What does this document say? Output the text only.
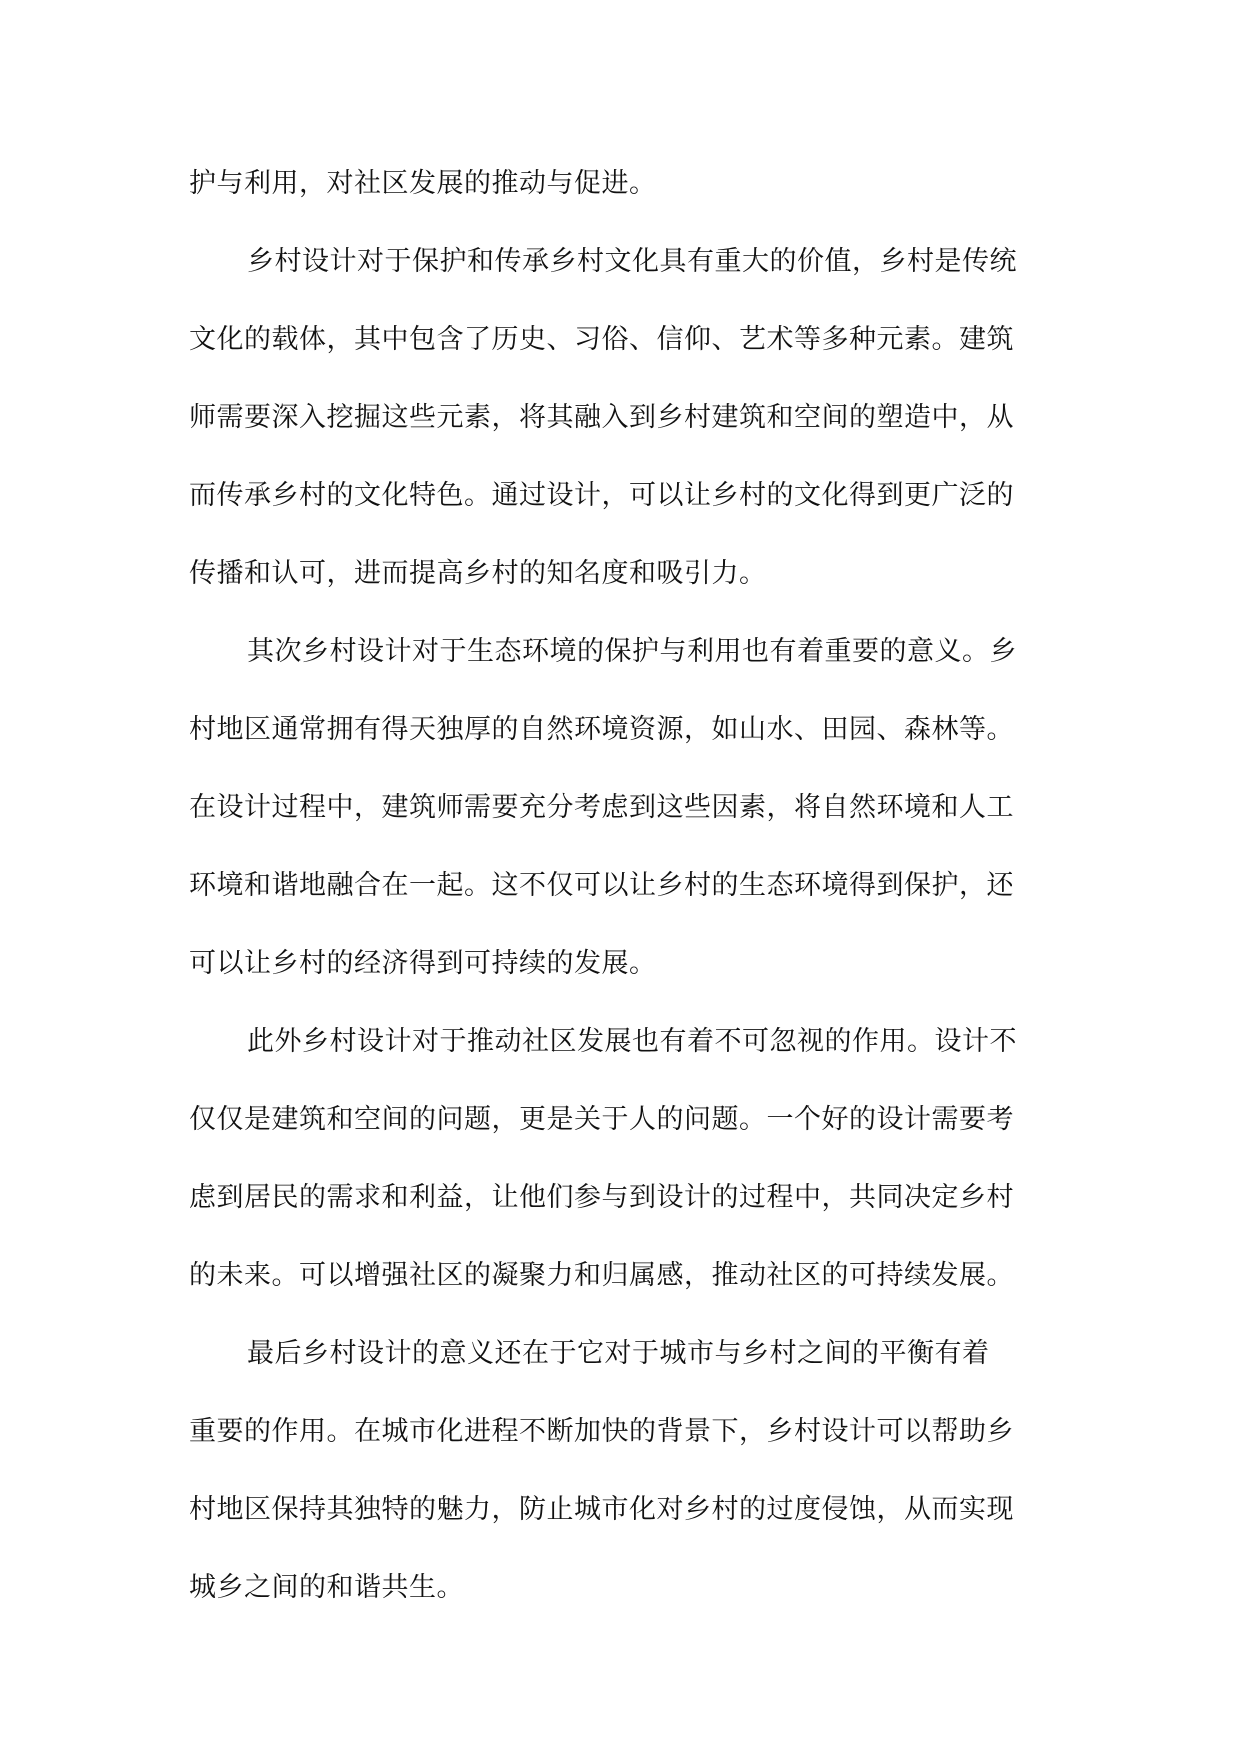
护与利用，对社区发展的推动与促进。
乡村设计对于保护和传承乡村文化具有重大的价值，乡村是传统
文化的载体，其中包含了历史、习俗、信仰、艺术等多种元素。建筑
师需要深入挖掘这些元素，将其融入到乡村建筑和空间的塑造中，从
而传承乡村的文化特色。通过设计，可以让乡村的文化得到更广泛的
传播和认可，进而提高乡村的知名度和吸引力。
其次乡村设计对于生态环境的保护与利用也有着重要的意义。乡
村地区通常拥有得天独厚的自然环境资源，如山水、田园、森林等。
在设计过程中，建筑师需要充分考虑到这些因素，将自然环境和人工
环境和谐地融合在一起。这不仅可以让乡村的生态环境得到保护，还
可以让乡村的经济得到可持续的发展。
此外乡村设计对于推动社区发展也有着不可忽视的作用。设计不
仅仅是建筑和空间的问题，更是关于人的问题。一个好的设计需要考
虑到居民的需求和利益，让他们参与到设计的过程中，共同决定乡村
的未来。可以增强社区的凝聚力和归属感，推动社区的可持续发展。
最后乡村设计的意义还在于它对于城市与乡村之间的平衡有着
重要的作用。在城市化进程不断加快的背景下，乡村设计可以帮助乡
村地区保持其独特的魅力，防止城市化对乡村的过度侵蚀，从而实现
城乡之间的和谐共生。
